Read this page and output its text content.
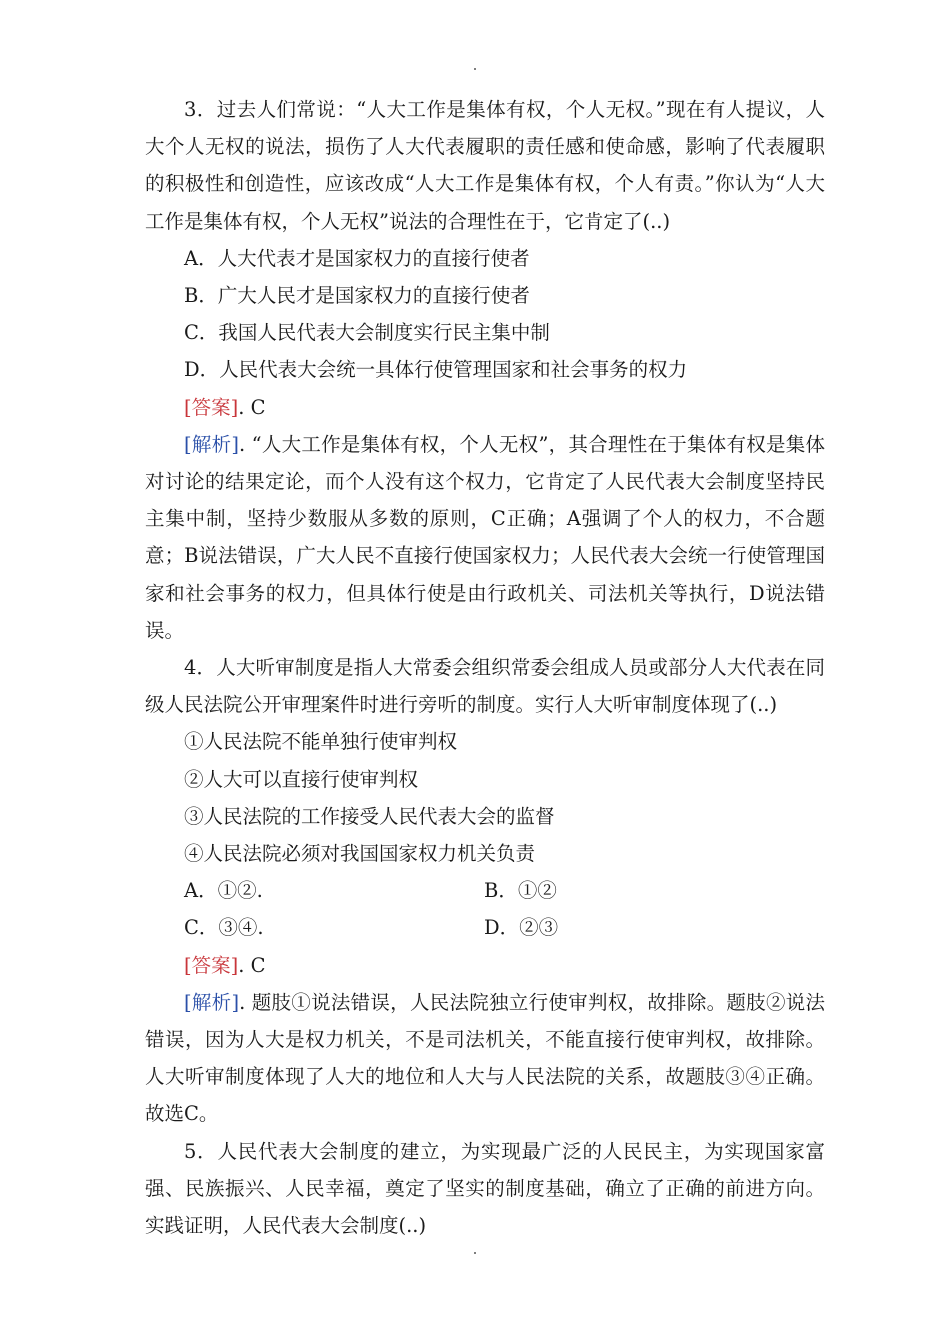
3．过去人们常说：“人大工作是集体有权，个人无权。”现在有人提议，人大个人无权的说法，损伤了人大代表履职的责任感和使命感，影响了代表履职的积极性和创造性，应该改成“人大工作是集体有权，个人有责。”你认为“人大工作是集体有权，个人无权”说法的合理性在于，它肯定了(..)

A．人大代表才是国家权力的直接行使者

B．广大人民才是国家权力的直接行使者

C．我国人民代表大会制度实行民主集中制

D．人民代表大会统一具体行使管理国家和社会事务的权力

[答案]. C

[解析]. “人大工作是集体有权，个人无权”，其合理性在于集体有权是集体对讨论的结果定论，而个人没有这个权力，它肯定了人民代表大会制度坚持民主集中制，坚持少数服从多数的原则，C正确；A强调了个人的权力，不合题意；B说法错误，广大人民不直接行使国家权力；人民代表大会统一行使管理国家和社会事务的权力，但具体行使是由行政机关、司法机关等执行，D说法错误。

4．人大听审制度是指人大常委会组织常委会组成人员或部分人大代表在同级人民法院公开审理案件时进行旁听的制度。实行人大听审制度体现了(..)

①人民法院不能单独行使审判权

②人大可以直接行使审判权

③人民法院的工作接受人民代表大会的监督

④人民法院必须对我国国家权力机关负责

A．①②.	B．①②
C．③④.	D．②③

[答案]. C

[解析]. 题肢①说法错误，人民法院独立行使审判权，故排除。题肢②说法错误，因为人大是权力机关，不是司法机关，不能直接行使审判权，故排除。人大听审制度体现了人大的地位和人大与人民法院的关系，故题肢③④正确。故选C。

5．人民代表大会制度的建立，为实现最广泛的人民民主，为实现国家富强、民族振兴、人民幸福，奠定了坚实的制度基础，确立了正确的前进方向。实践证明，人民代表大会制度(..)
